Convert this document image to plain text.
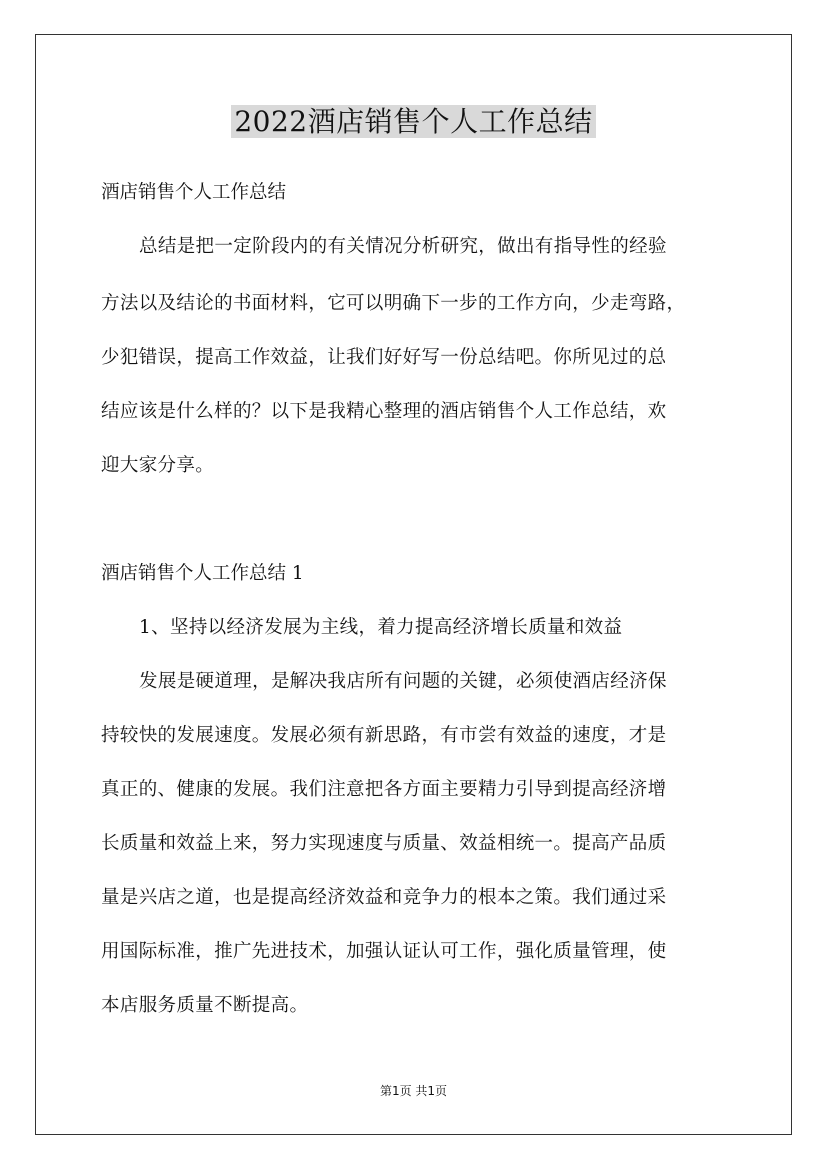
2022酒店销售个人工作总结
酒店销售个人工作总结
总结是把一定阶段内的有关情况分析研究，做出有指导性的经验
方法以及结论的书面材料，它可以明确下一步的工作方向，少走弯路，
少犯错误，提高工作效益，让我们好好写一份总结吧。你所见过的总
结应该是什么样的？以下是我精心整理的酒店销售个人工作总结，欢
迎大家分享。
酒店销售个人工作总结 1
1、坚持以经济发展为主线，着力提高经济增长质量和效益
发展是硬道理，是解决我店所有问题的关键，必须使酒店经济保
持较快的发展速度。发展必须有新思路，有市尝有效益的速度，才是
真正的、健康的发展。我们注意把各方面主要精力引导到提高经济增
长质量和效益上来，努力实现速度与质量、效益相统一。提高产品质
量是兴店之道，也是提高经济效益和竞争力的根本之策。我们通过采
用国际标准，推广先进技术，加强认证认可工作，强化质量管理，使
本店服务质量不断提高。
第1页 共1页
